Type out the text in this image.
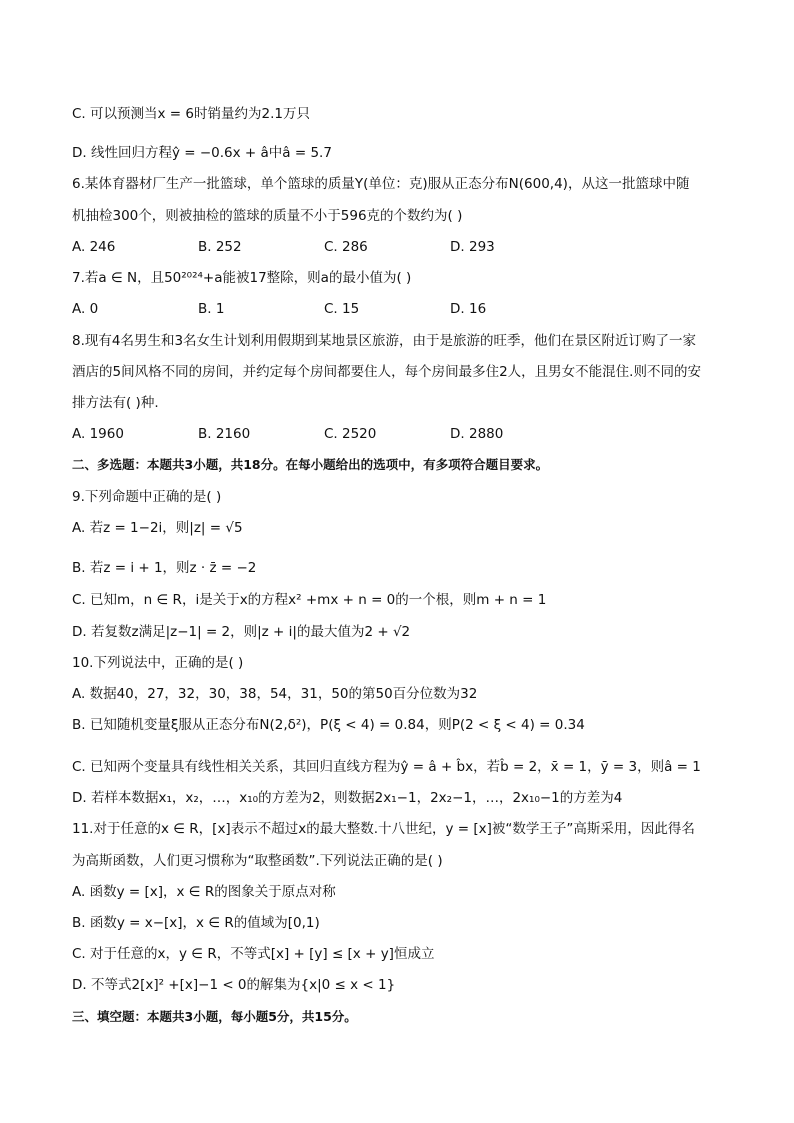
C. 可以预测当x = 6时销量约为2.1万只
D. 线性回归方程ŷ = −0.6x + â中â = 5.7
6.某体育器材厂生产一批篮球，单个篮球的质量Y(单位：克)服从正态分布N(600,4)，从这一批篮球中随
机抽检300个，则被抽检的篮球的质量不小于596克的个数约为( )
A. 246	B. 252	C. 286	D. 293
7.若a ∈ N，且50²⁰²⁴+a能被17整除，则a的最小值为( )
A. 0	B. 1	C. 15	D. 16
8.现有4名男生和3名女生计划利用假期到某地景区旅游，由于是旅游的旺季，他们在景区附近订购了一家
酒店的5间风格不同的房间，并约定每个房间都要住人，每个房间最多住2人，且男女不能混住.则不同的安
排方法有( )种.
A. 1960	B. 2160	C. 2520	D. 2880
二、多选题：本题共3小题，共18分。在每小题给出的选项中，有多项符合题目要求。
9.下列命题中正确的是( )
A. 若z = 1−2i，则|z| = √5
B. 若z = i + 1，则z · z̄ = −2
C. 已知m，n ∈ R，i是关于x的方程x² +mx + n = 0的一个根，则m + n = 1
D. 若复数z满足|z−1| = 2，则|z + i|的最大值为2 + √2
10.下列说法中，正确的是( )
A. 数据40，27，32，30，38，54，31，50的第50百分位数为32
B. 已知随机变量ξ服从正态分布N(2,δ²)，P(ξ < 4) = 0.84，则P(2 < ξ < 4) = 0.34
C. 已知两个变量具有线性相关关系，其回归直线方程为ŷ = â + b̂x，若b̂ = 2，x̄ = 1，ȳ = 3，则â = 1
D. 若样本数据x₁，x₂，…，x₁₀的方差为2，则数据2x₁−1，2x₂−1，…，2x₁₀−1的方差为4
11.对于任意的x ∈ R，[x]表示不超过x的最大整数.十八世纪，y = [x]被“数学王子”高斯采用，因此得名
为高斯函数，人们更习惯称为“取整函数”.下列说法正确的是( )
A. 函数y = [x]，x ∈ R的图象关于原点对称
B. 函数y = x−[x]，x ∈ R的值域为[0,1)
C. 对于任意的x，y ∈ R，不等式[x] + [y] ≤ [x + y]恒成立
D. 不等式2[x]² +[x]−1 < 0的解集为{x|0 ≤ x < 1}
三、填空题：本题共3小题，每小题5分，共15分。
